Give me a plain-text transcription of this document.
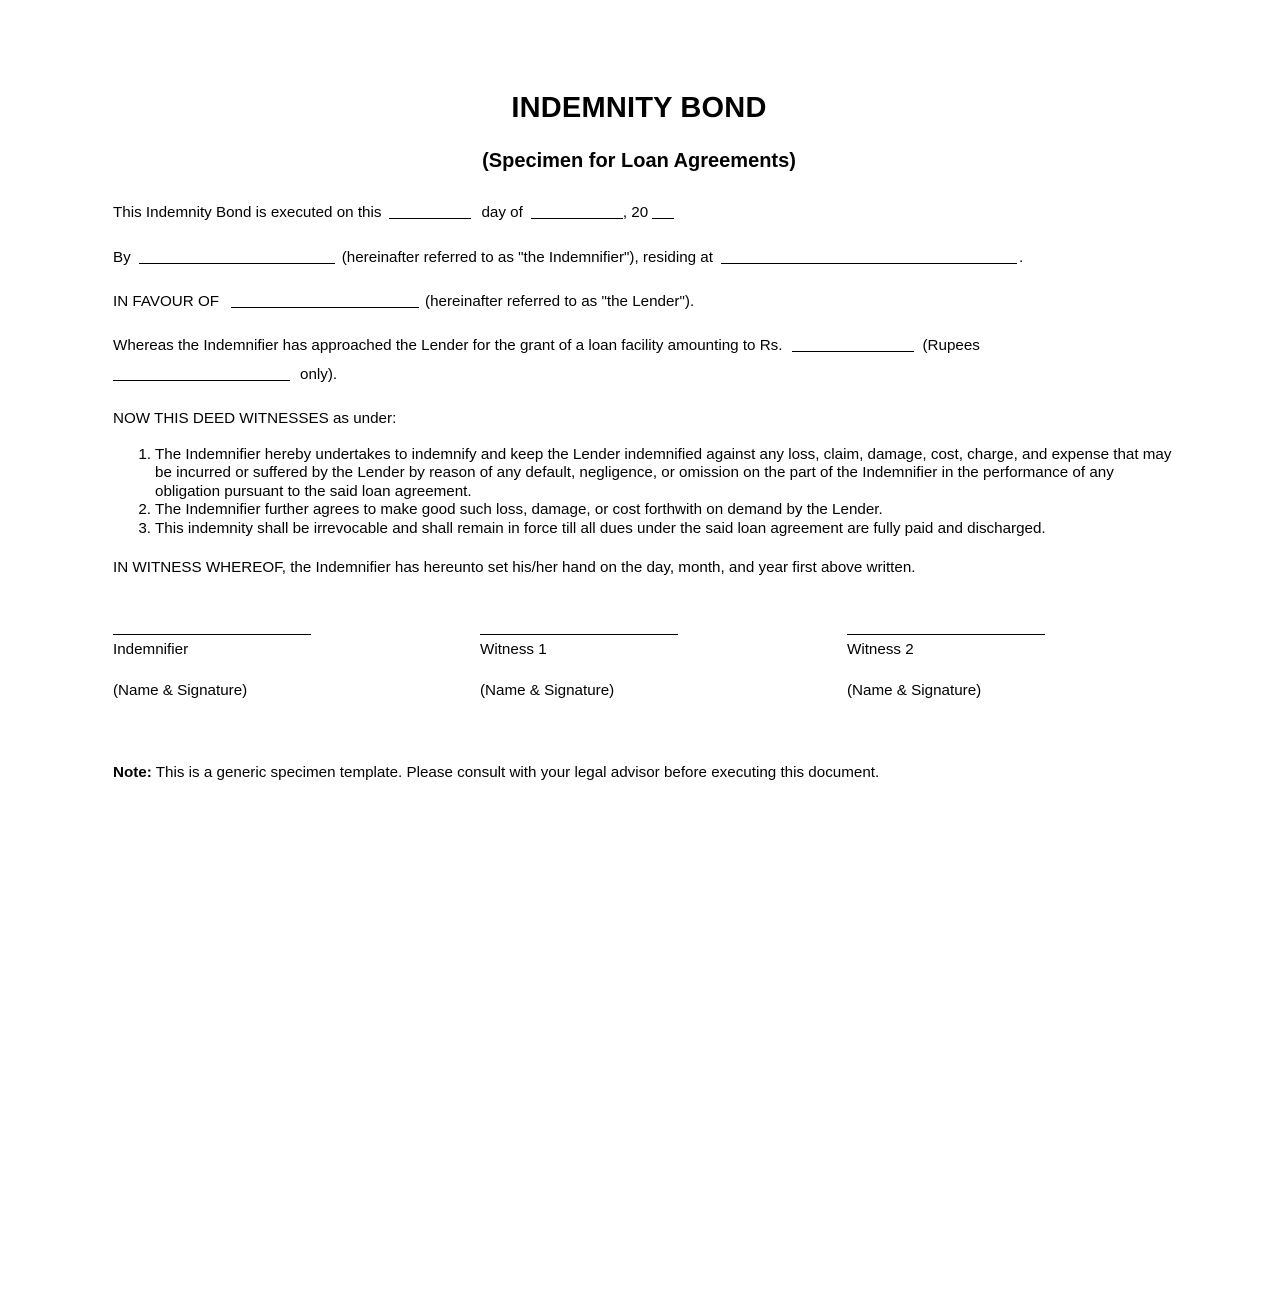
INDEMNITY BOND
(Specimen for Loan Agreements)
This Indemnity Bond is executed on this	day of	, 20
By	(hereinafter referred to as "the Indemnifier"), residing at	.
IN FAVOUR OF	(hereinafter referred to as "the Lender").
Whereas the Indemnifier has approached the Lender for the grant of a loan facility amounting to Rs.	(Rupees
only).
NOW THIS DEED WITNESSES as under:
1. The Indemnifier hereby undertakes to indemnify and keep the Lender indemnified against any loss, claim, damage, cost, charge, and expense that may be incurred or suffered by the Lender by reason of any default, negligence, or omission on the part of the Indemnifier in the performance of any obligation pursuant to the said loan agreement.
2. The Indemnifier further agrees to make good such loss, damage, or cost forthwith on demand by the Lender.
3. This indemnity shall be irrevocable and shall remain in force till all dues under the said loan agreement are fully paid and discharged.
IN WITNESS WHEREOF, the Indemnifier has hereunto set his/her hand on the day, month, and year first above written.
Indemnifier
(Name & Signature)
Witness 1
(Name & Signature)
Witness 2
(Name & Signature)
Note: This is a generic specimen template. Please consult with your legal advisor before executing this document.
